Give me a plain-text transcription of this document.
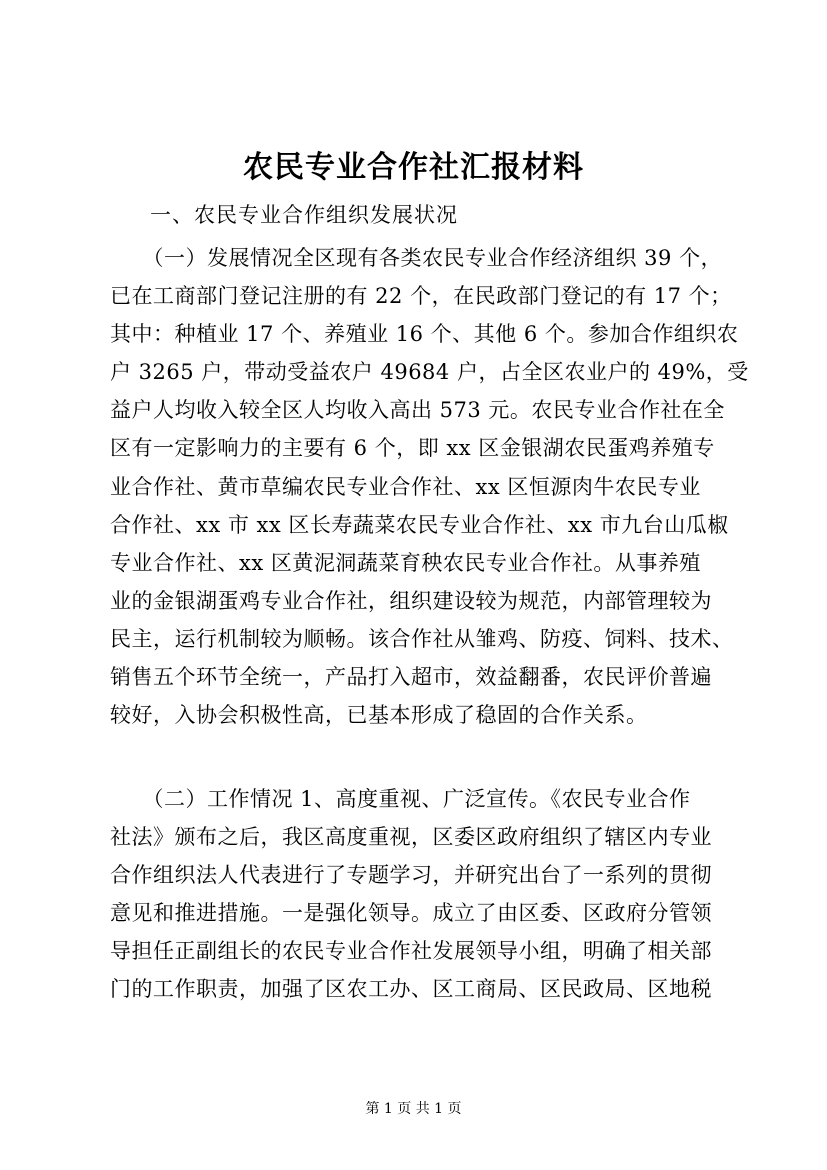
农民专业合作社汇报材料
一、农民专业合作组织发展状况
　　（一）发展情况全区现有各类农民专业合作经济组织 39 个，
已在工商部门登记注册的有 22 个，在民政部门登记的有 17 个；
其中：种植业 17 个、养殖业 16 个、其他 6 个。参加合作组织农
户 3265 户，带动受益农户 49684 户，占全区农业户的 49%，受
益户人均收入较全区人均收入高出 573 元。农民专业合作社在全
区有一定影响力的主要有 6 个，即 xx 区金银湖农民蛋鸡养殖专
业合作社、黄市草编农民专业合作社、xx 区恒源肉牛农民专业
合作社、xx 市 xx 区长寿蔬菜农民专业合作社、xx 市九台山瓜椒
专业合作社、xx 区黄泥洞蔬菜育秧农民专业合作社。从事养殖
业的金银湖蛋鸡专业合作社，组织建设较为规范，内部管理较为
民主，运行机制较为顺畅。该合作社从雏鸡、防疫、饲料、技术、
销售五个环节全统一，产品打入超市，效益翻番，农民评价普遍
较好，入协会积极性高，已基本形成了稳固的合作关系。
　　（二）工作情况 1、高度重视、广泛宣传。《农民专业合作
社法》颁布之后，我区高度重视，区委区政府组织了辖区内专业
合作组织法人代表进行了专题学习，并研究出台了一系列的贯彻
意见和推进措施。一是强化领导。成立了由区委、区政府分管领
导担任正副组长的农民专业合作社发展领导小组，明确了相关部
门的工作职责，加强了区农工办、区工商局、区民政局、区地税
第 1 页 共 1 页
